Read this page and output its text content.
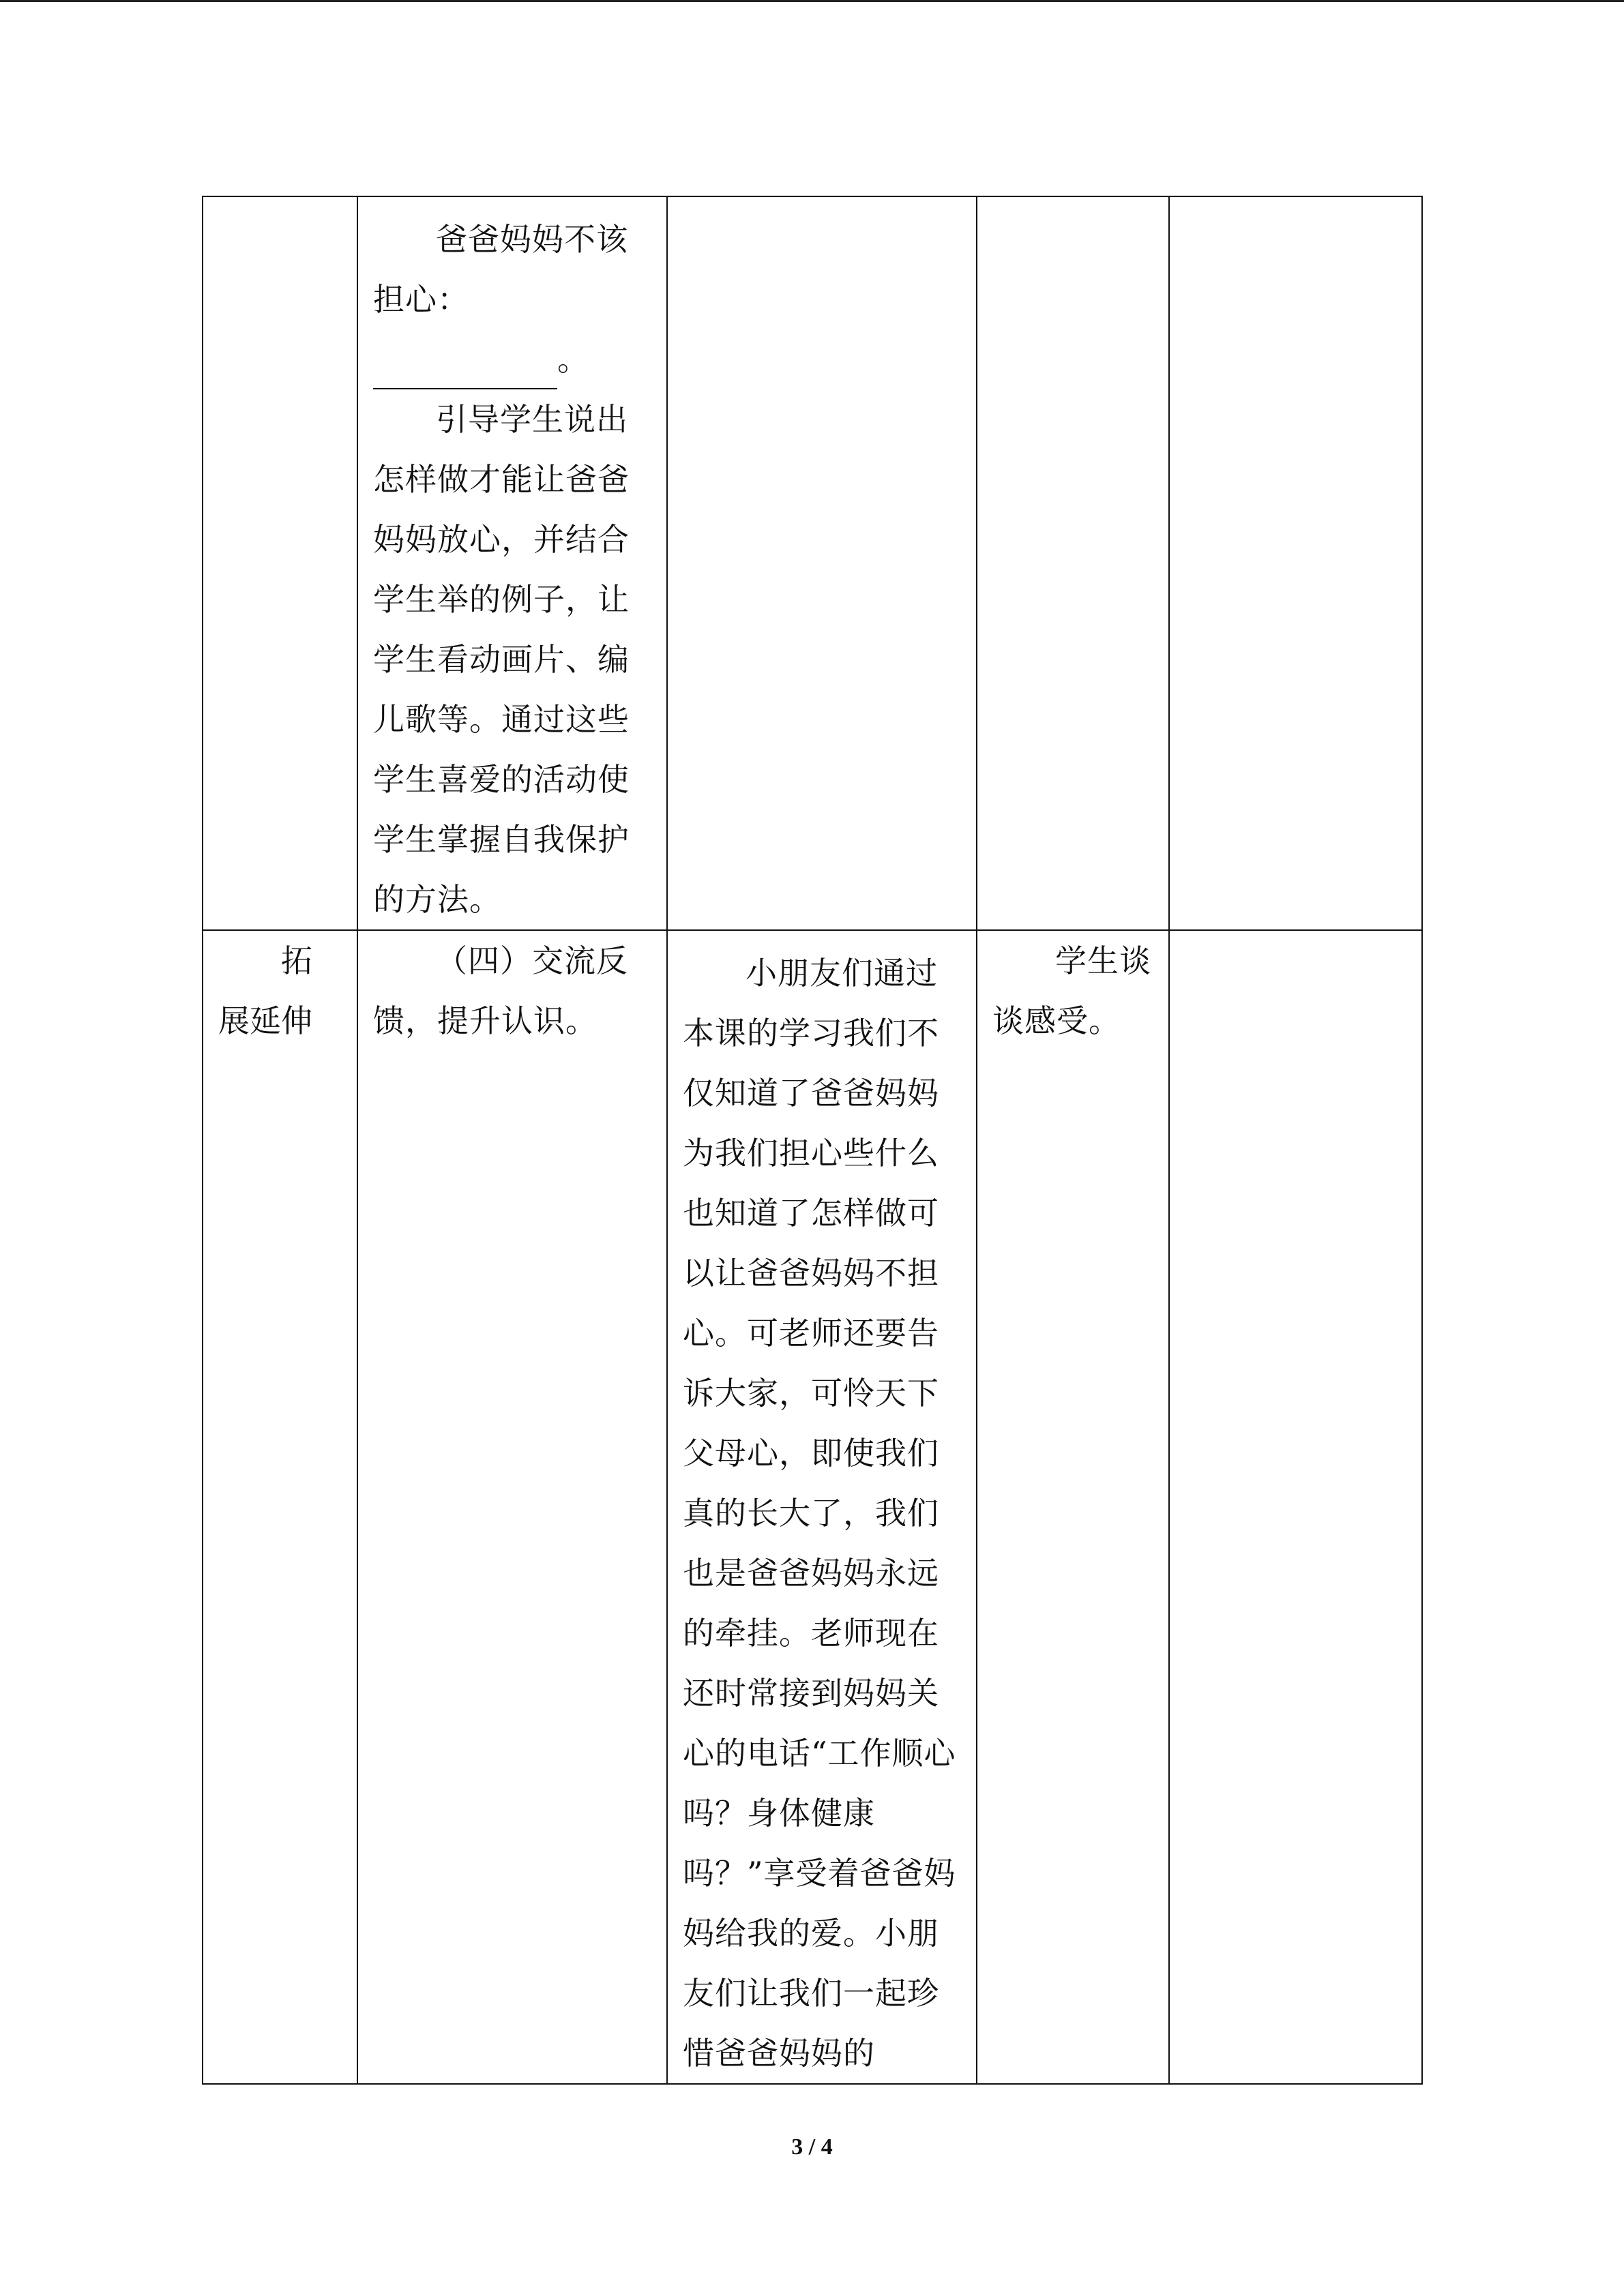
	爸爸妈妈不该担心：

。

引导学生说出怎样做才能让爸爸妈妈放心，并结合学生举的例子，让学生看动画片、编儿歌等。通过这些学生喜爱的活动使学生掌握自我保护的方法。			

拓展延伸	（四）交流反馈，提升认识。	小朋友们通过本课的学习我们不仅知道了爸爸妈妈为我们担心些什么也知道了怎样做可以让爸爸妈妈不担心。可老师还要告诉大家，可怜天下父母心，即使我们真的长大了，我们也是爸爸妈妈永远的牵挂。老师现在还时常接到妈妈关心的电话“工作顺心吗？身体健康吗？”享受着爸爸妈妈给我的爱。小朋友们让我们一起珍惜爸爸妈妈的	学生谈谈感受。	

3 / 4
